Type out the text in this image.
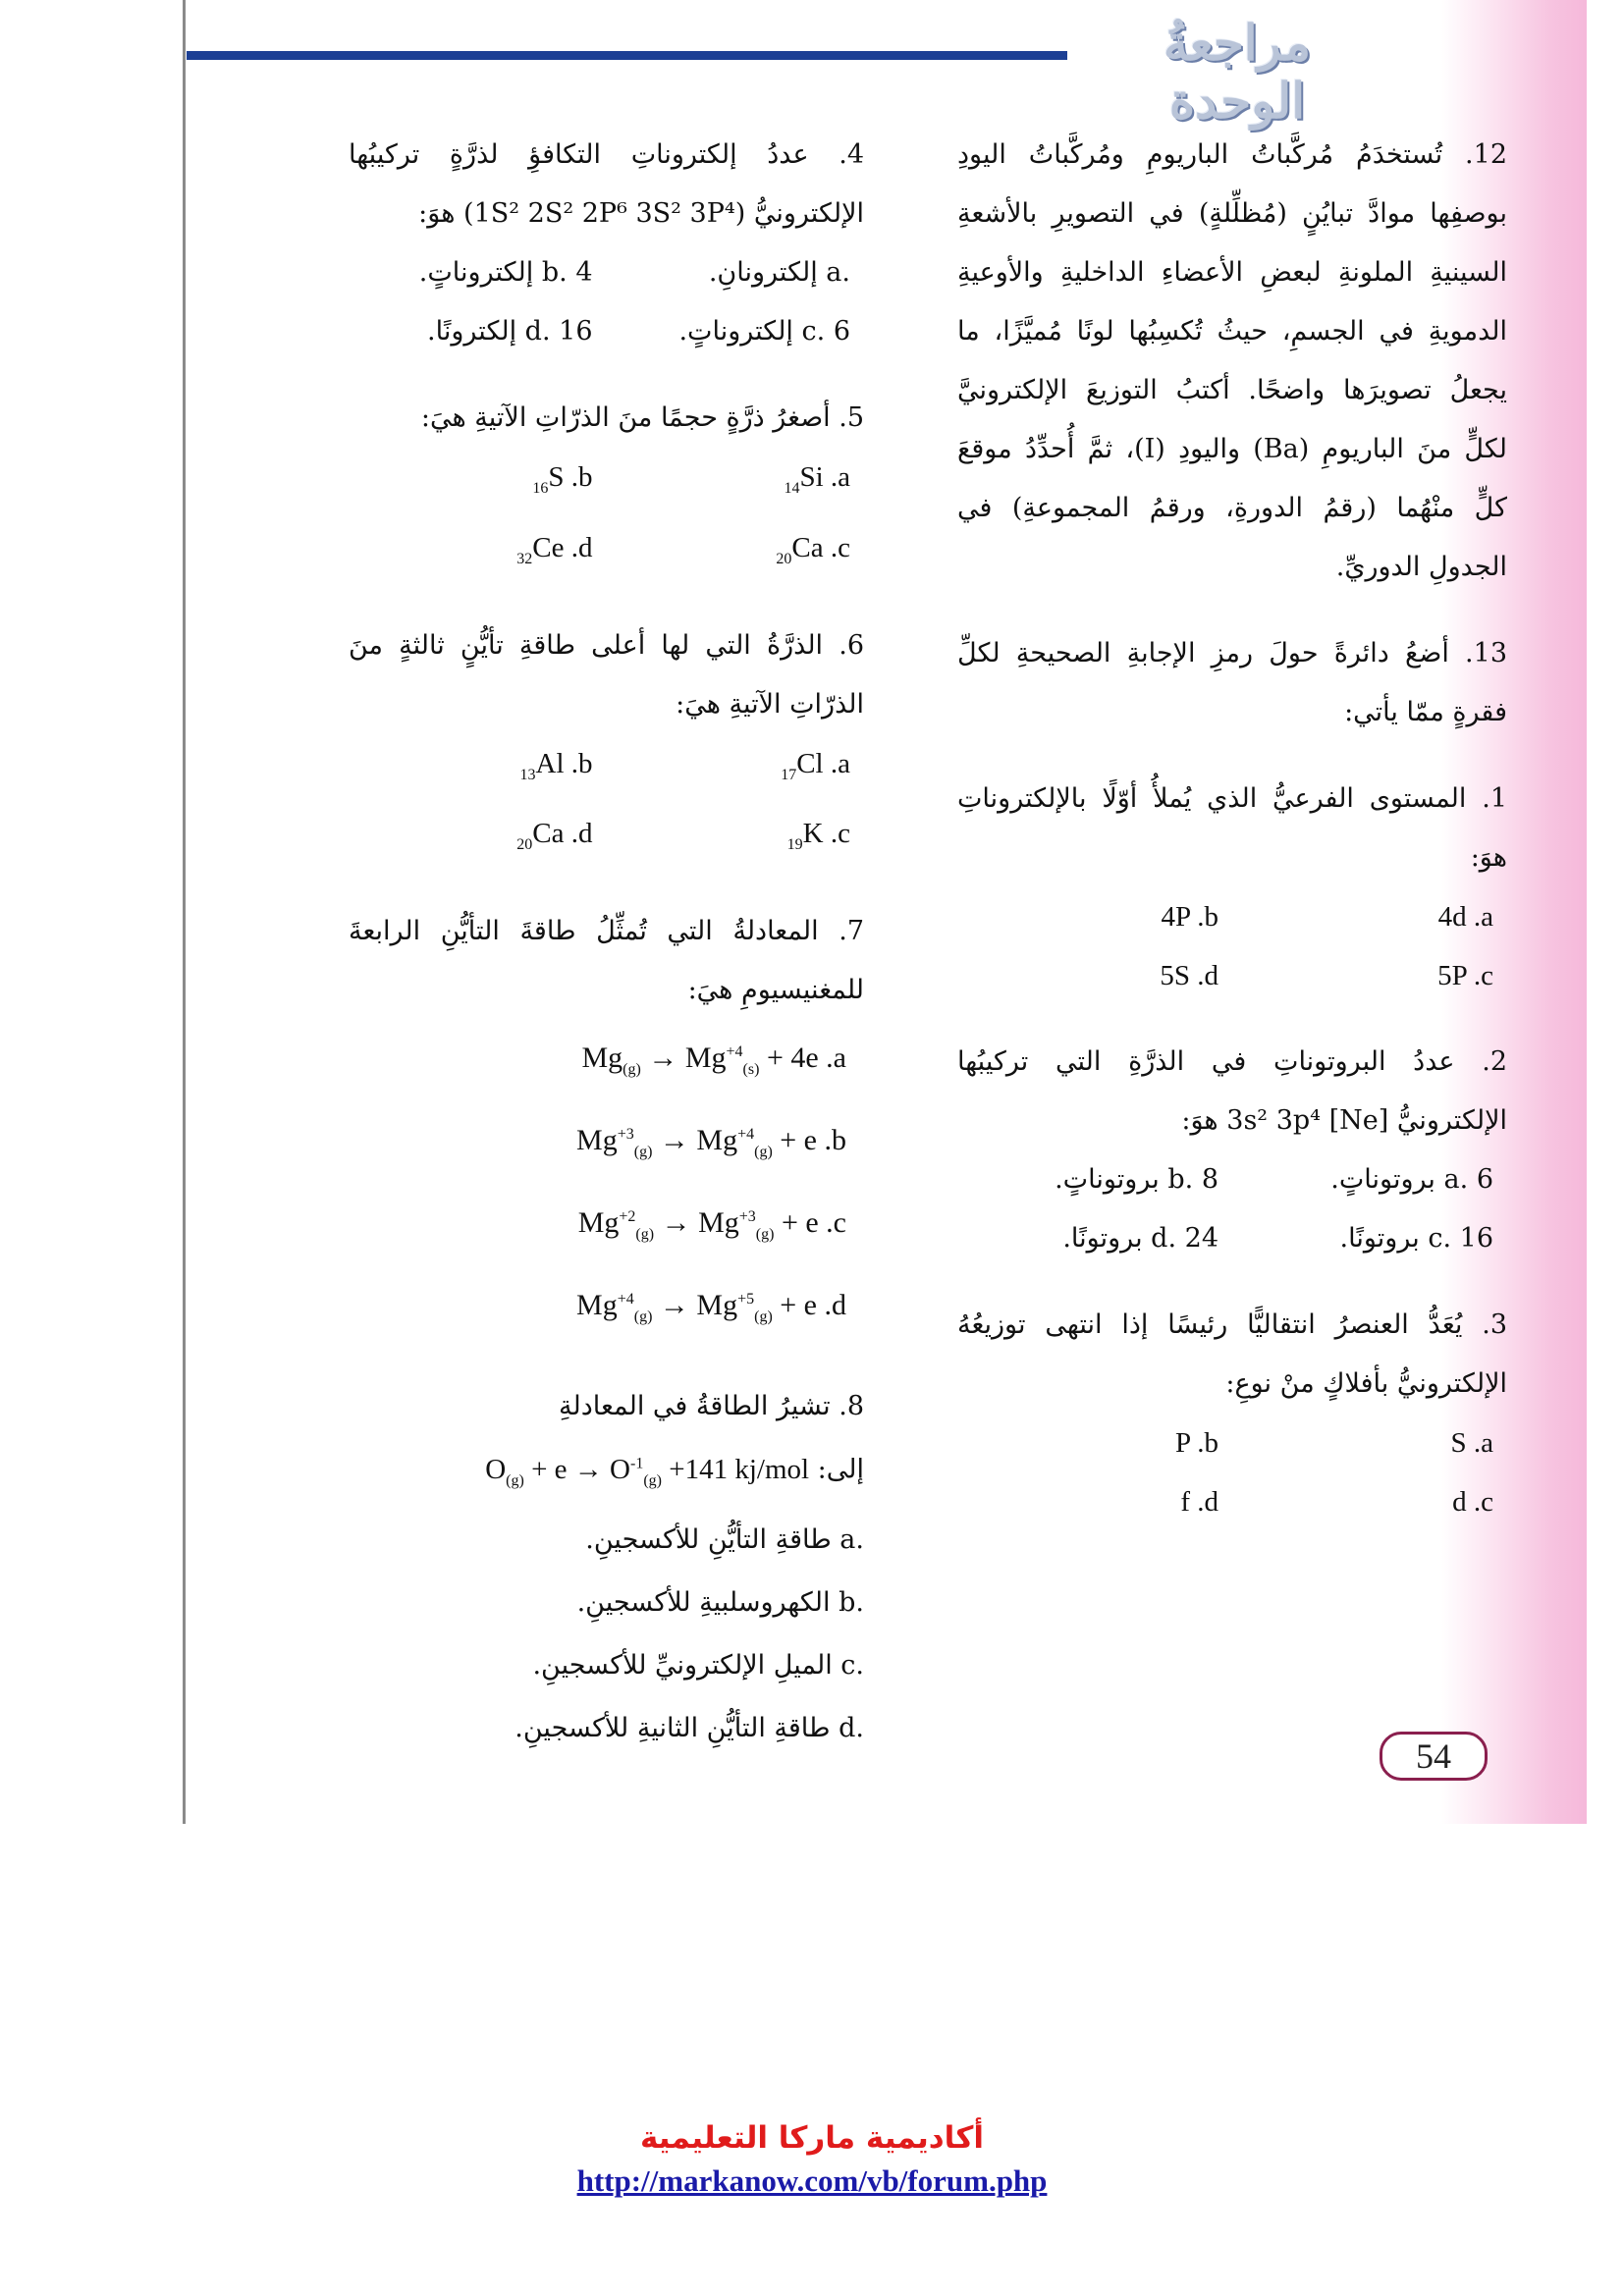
مراجعةُ الوحدة
12. تُستخدَمُ مُركَّباتُ الباريومِ ومُركَّباتُ اليودِ بوصفِها موادَّ تبايُنٍ (مُظلِّلةٍ) في التصويرِ بالأشعةِ السينيةِ الملونةِ لبعضِ الأعضاءِ الداخليةِ والأوعيةِ الدمويةِ في الجسمِ، حيثُ تُكسِبُها لونًا مُميَّزًا، ما يجعلُ تصويرَها واضحًا. أكتبُ التوزيعَ الإلكترونيَّ لكلٍّ منَ الباريومِ (Ba) واليودِ (I)، ثمَّ أُحدِّدُ موقعَ كلٍّ منْهُما (رقمُ الدورةِ، ورقمُ المجموعةِ) في الجدولِ الدوريِّ.
13. أضعُ دائرةً حولَ رمزِ الإجابةِ الصحيحةِ لكلِّ فقرةٍ ممّا يأتي:
1. المستوى الفرعيُّ الذي يُملأُ أوّلًا بالإلكتروناتِ هوَ:
4d .a
4P .b
5P .c
5S .d
2. عددُ البروتوناتِ في الذرَّةِ التي تركيبُها الإلكترونيُّ [Ne] 3s² 3p⁴ هوَ:
6 .a بروتوناتٍ.
8 .b بروتوناتٍ.
16 .c بروتونًا.
24 .d بروتونًا.
3. يُعَدُّ العنصرُ انتقاليًّا رئيسًا إذا انتهى توزيعُهُ الإلكترونيُّ بأفلاكٍ منْ نوعِ:
S .a
P .b
d .c
f .d
4. عددُ إلكتروناتِ التكافؤِ لذرَّةٍ تركيبُها الإلكترونيُّ (1S² 2S² 2P⁶ 3S² 3P⁴) هوَ:
.a إلكترونانِ.
4 .b إلكتروناتٍ.
6 .c إلكتروناتٍ.
16 .d إلكترونًا.
5. أصغرُ ذرَّةٍ حجمًا منَ الذرّاتِ الآتيةِ هيَ:
$_{14}$Si .a
$_{16}$S .b
$_{20}$Ca .c
$_{32}$Ce .d
6. الذرَّةُ التي لها أعلى طاقةِ تأيُّنٍ ثالثةٍ منَ الذرّاتِ الآتيةِ هيَ:
$_{17}$Cl .a
$_{13}$Al .b
$_{19}$K .c
$_{20}$Ca .d
7. المعادلةُ التي تُمثِّلُ طاقةَ التأيُّنِ الرابعةَ للمغنيسيومِ هيَ:
$Mg_{(g)} \to Mg^{+4}_{(s)} + 4e$ .a
$Mg^{+3}_{(g)} \to Mg^{+4}_{(g)} + e$ .b
$Mg^{+2}_{(g)} \to Mg^{+3}_{(g)} + e$ .c
$Mg^{+4}_{(g)} \to Mg^{+5}_{(g)} + e$ .d
8. تشيرُ الطاقةُ في المعادلةِ
إلى: $O_{(g)} + e \to O^{-1}_{(g)} +141$ kj/mol
.a طاقةِ التأيُّنِ للأكسجينِ.
.b الكهروسلبيةِ للأكسجينِ.
.c الميلِ الإلكترونيِّ للأكسجينِ.
.d طاقةِ التأيُّنِ الثانيةِ للأكسجينِ.
54
أكاديمية ماركا التعليمية
http://markanow.com/vb/forum.php
